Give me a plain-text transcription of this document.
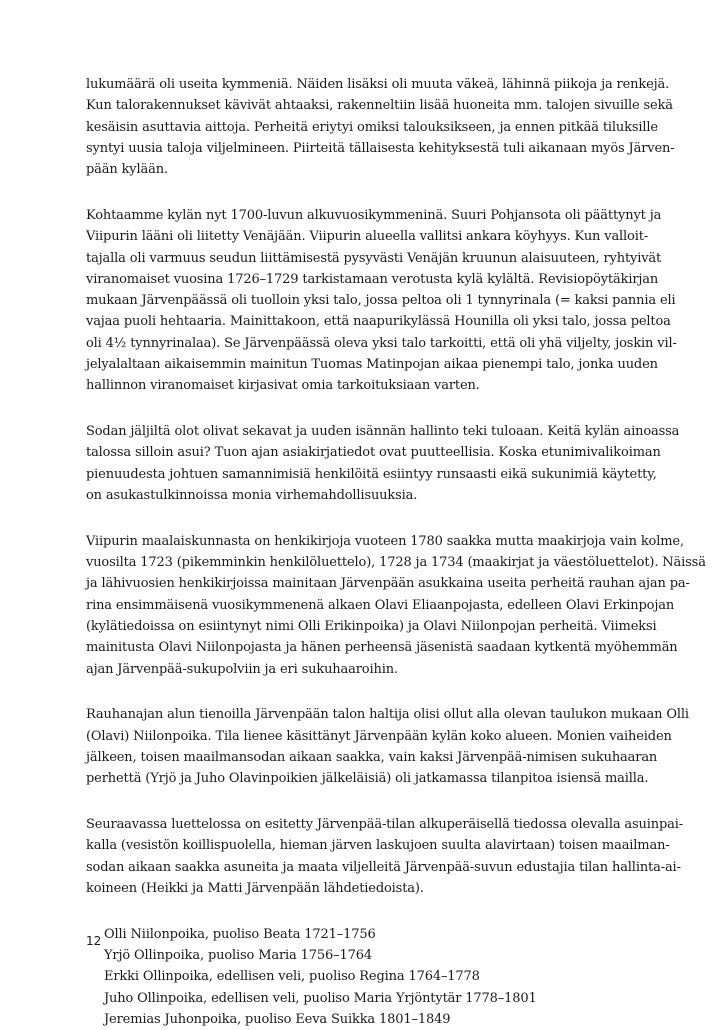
lukumäärä oli useita kymmeniä. Näiden lisäksi oli muuta väkeä, lähinnä piikoja ja renkejä.
Kun talorakennukset kävivät ahtaaksi, rakenneltiin lisää huoneita mm. talojen sivuille sekä
kesäisin asuttavia aittoja. Perheitä eriytyi omiksi talouksikseen, ja ennen pitkää tiluksille
syntyi uusia taloja viljelmineen. Piirteitä tällaisesta kehityksestä tuli aikanaan myös Järven-
pään kylään.

Kohtaamme kylän nyt 1700-luvun alkuvuosikymmeninä. Suuri Pohjansota oli päättynyt ja
Viipurin lääni oli liitetty Venäjään. Viipurin alueella vallitsi ankara köyhyys. Kun valloit-
tajalla oli varmuus seudun liittämisestä pysyvästi Venäjän kruunun alaisuuteen, ryhtyivät
viranomaiset vuosina 1726–1729 tarkistamaan verotusta kylä kylältä. Revisiopöytäkirjan
mukaan Järvenpäässä oli tuolloin yksi talo, jossa peltoa oli 1 tynnyrinala (= kaksi pannia eli
vajaa puoli hehtaaria. Mainittakoon, että naapurikylässä Hounilla oli yksi talo, jossa peltoa
oli 4½ tynnyrinalaa). Se Järvenpäässä oleva yksi talo tarkoitti, että oli yhä viljelty, joskin vil-
jelyalaltaan aikaisemmin mainitun Tuomas Matinpojan aikaa pienempi talo, jonka uuden
hallinnon viranomaiset kirjasivat omia tarkoituksiaan varten.

Sodan jäljiltä olot olivat sekavat ja uuden isännän hallinto teki tuloaan. Keitä kylän ainoassa
talossa silloin asui? Tuon ajan asiakirjatiedot ovat puutteellisia. Koska etunimivalikoiman
pienuudesta johtuen samannimisiä henkilöitä esiintyy runsaasti eikä sukunimiä käytetty,
on asukastulkinnoissa monia virhemahdollisuuksia.

Viipurin maalaiskunnasta on henkikirjoja vuoteen 1780 saakka mutta maakirjoja vain kolme,
vuosilta 1723 (pikemminkin henkilöluettelo), 1728 ja 1734 (maakirjat ja väestöluettelot). Näissä
ja lähivuosien henkikirjoissa mainitaan Järvenpään asukkaina useita perheitä rauhan ajan pa-
rina ensimmäisenä vuosikymmenenä alkaen Olavi Eliaanpojasta, edelleen Olavi Erkinpojan
(kylätiedoissa on esiintynyt nimi Olli Erikinpoika) ja Olavi Niilonpojan perheitä. Viimeksi
mainitusta Olavi Niilonpojasta ja hänen perheensä jäsenistä saadaan kytkentä myöhemmän
ajan Järvenpää-sukupolviin ja eri sukuhaaroihin.

Rauhanajan alun tienoilla Järvenpään talon haltija olisi ollut alla olevan taulukon mukaan Olli
(Olavi) Niilonpoika. Tila lienee käsittänyt Järvenpään kylän koko alueen. Monien vaiheiden
jälkeen, toisen maailmansodan aikaan saakka, vain kaksi Järvenpää-nimisen sukuhaaran
perhettä (Yrjö ja Juho Olavinpoikien jälkeläisiä) oli jatkamassa tilanpitoa isiensä mailla.

Seuraavassa luettelossa on esitetty Järvenpää-tilan alkuperäisellä tiedossa olevalla asuinpai-
kalla (vesistön koillispuolella, hieman järven laskujoen suulta alavirtaan) toisen maailman-
sodan aikaan saakka asuneita ja maata viljelleitä Järvenpää-suvun edustajia tilan hallinta-ai-
koineen (Heikki ja Matti Järvenpään lähdetiedoista).

Olli Niilonpoika, puoliso Beata 1721–1756
Yrjö Ollinpoika, puoliso Maria 1756–1764
Erkki Ollinpoika, edellisen veli, puoliso Regina 1764–1778
Juho Ollinpoika, edellisen veli, puoliso Maria Yrjöntytär 1778–1801
Jeremias Juhonpoika, puoliso Eeva Suikka 1801–1849
12
